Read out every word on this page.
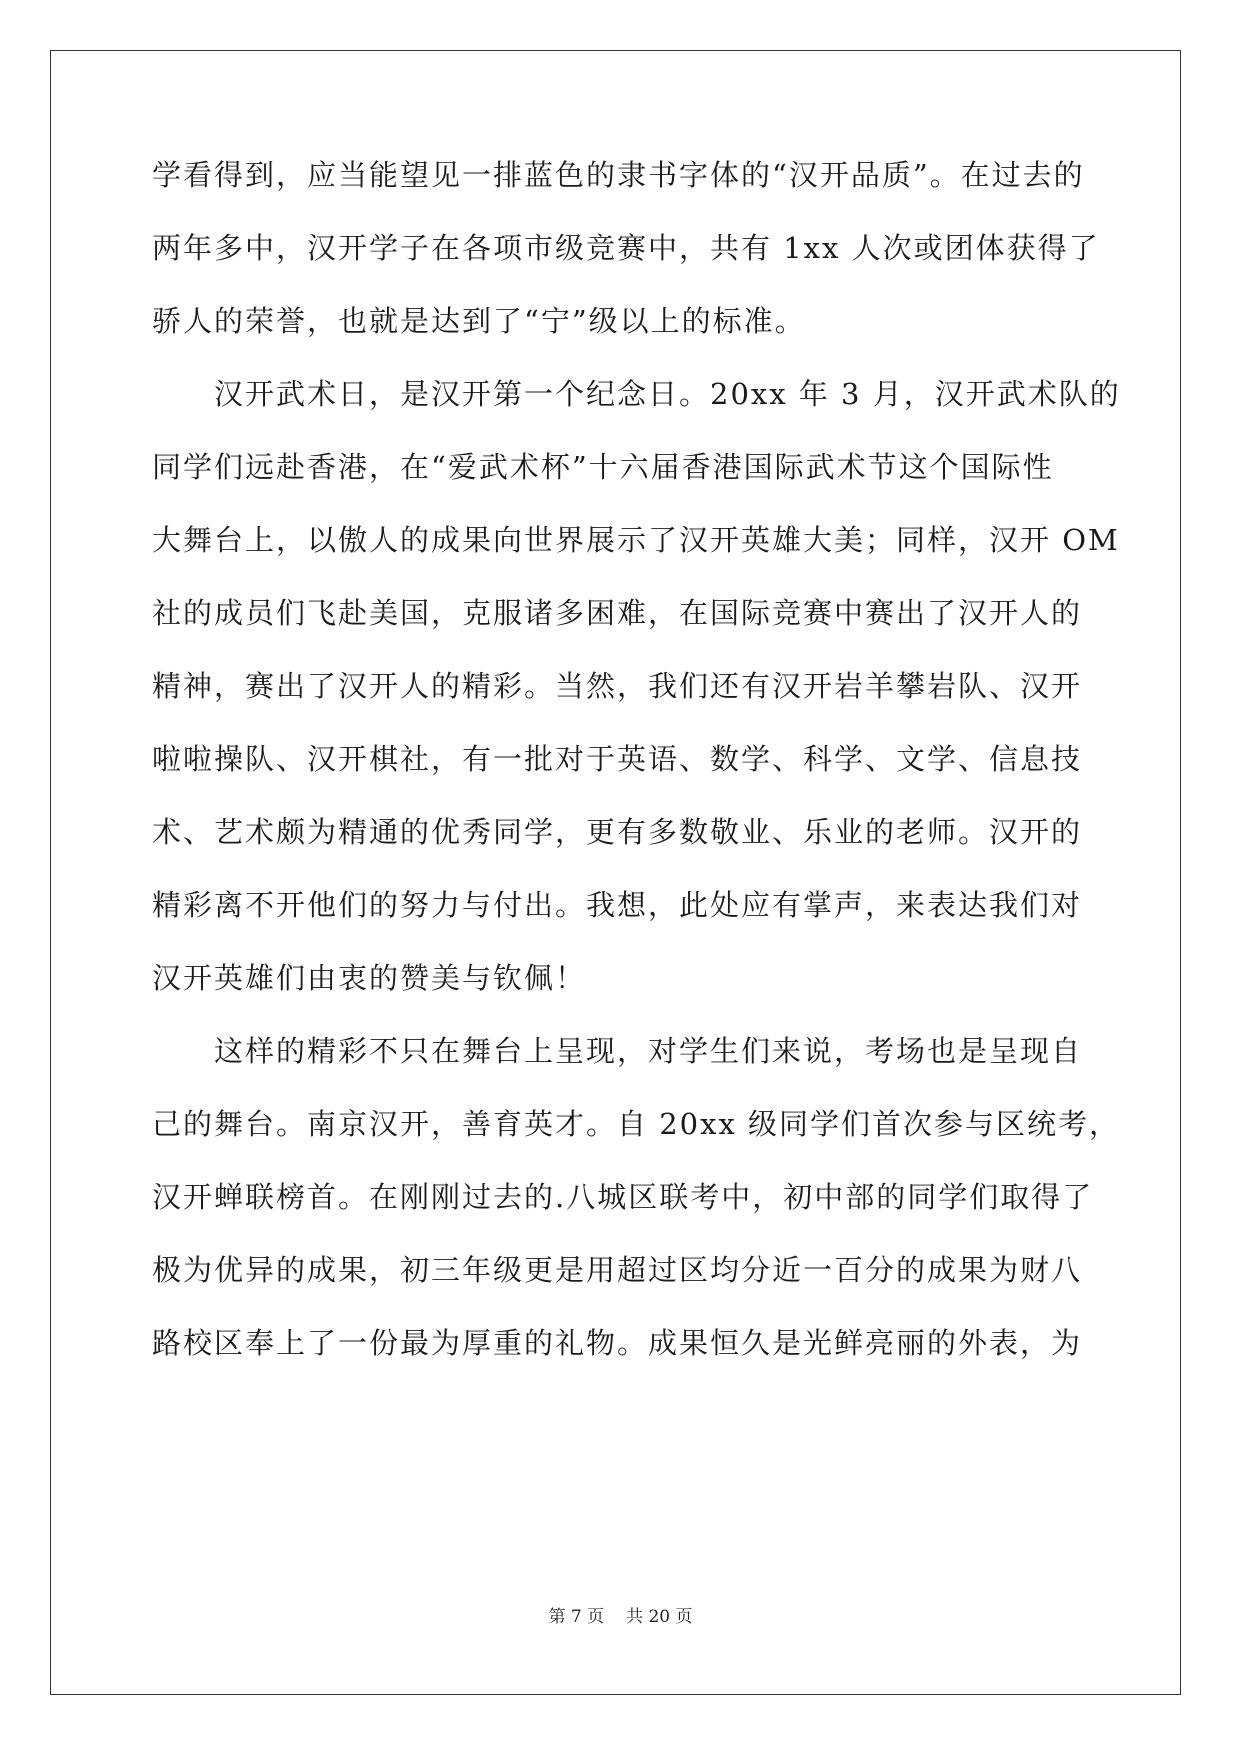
学看得到，应当能望见一排蓝色的隶书字体的“汉开品质”。在过去的
两年多中，汉开学子在各项市级竞赛中，共有 1xx 人次或团体获得了
骄人的荣誉，也就是达到了“宁”级以上的标准。
　　汉开武术日，是汉开第一个纪念日。20xx 年 3 月，汉开武术队的
同学们远赴香港，在“爱武术杯”十六届香港国际武术节这个国际性
大舞台上，以傲人的成果向世界展示了汉开英雄大美；同样，汉开 OM
社的成员们飞赴美国，克服诸多困难，在国际竞赛中赛出了汉开人的
精神，赛出了汉开人的精彩。当然，我们还有汉开岩羊攀岩队、汉开
啦啦操队、汉开棋社，有一批对于英语、数学、科学、文学、信息技
术、艺术颇为精通的优秀同学，更有多数敬业、乐业的老师。汉开的
精彩离不开他们的努力与付出。我想，此处应有掌声，来表达我们对
汉开英雄们由衷的赞美与钦佩！
　　这样的精彩不只在舞台上呈现，对学生们来说，考场也是呈现自
己的舞台。南京汉开，善育英才。自 20xx 级同学们首次参与区统考，
汉开蝉联榜首。在刚刚过去的.八城区联考中，初中部的同学们取得了
极为优异的成果，初三年级更是用超过区均分近一百分的成果为财八
路校区奉上了一份最为厚重的礼物。成果恒久是光鲜亮丽的外表，为
第 7 页 共 20 页
